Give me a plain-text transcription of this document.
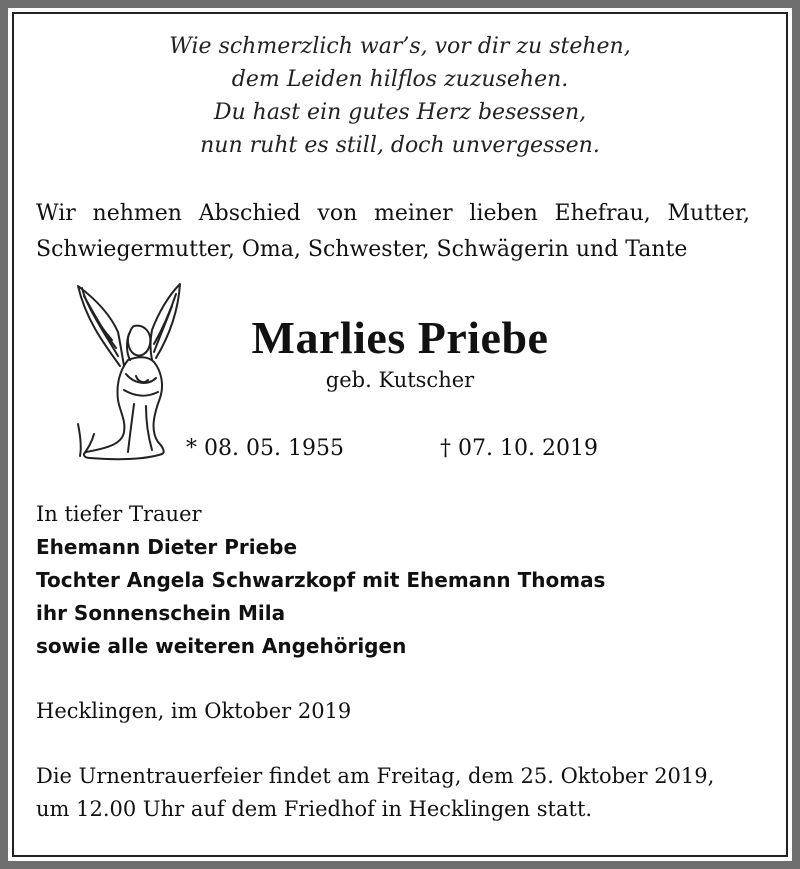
Wie schmerzlich war’s, vor dir zu stehen,
dem Leiden hilflos zuzusehen.
Du hast ein gutes Herz besessen,
nun ruht es still, doch unvergessen.
Wir nehmen Abschied von meiner lieben Ehefrau, Mutter,
Schwiegermutter, Oma, Schwester, Schwägerin und Tante
Marlies Priebe
geb. Kutscher
* 08. 05. 1955	† 07. 10. 2019
In tiefer Trauer
Ehemann Dieter Priebe
Tochter Angela Schwarzkopf mit Ehemann Thomas
ihr Sonnenschein Mila
sowie alle weiteren Angehörigen
Hecklingen, im Oktober 2019
Die Urnentrauerfeier findet am Freitag, dem 25. Oktober 2019,
um 12.00 Uhr auf dem Friedhof in Hecklingen statt.
